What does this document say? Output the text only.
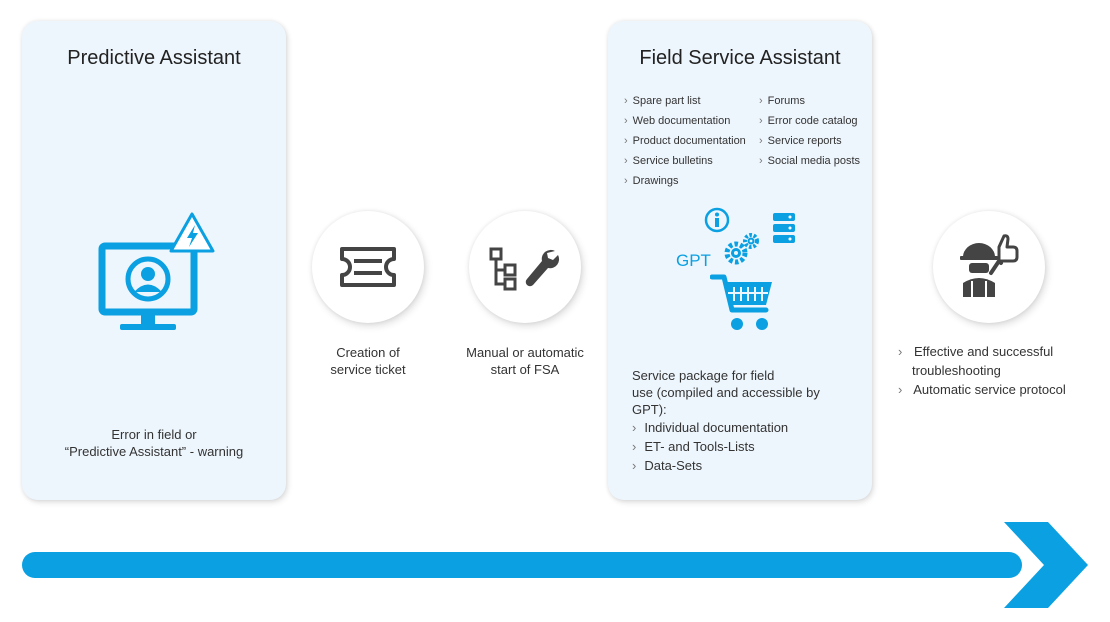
Predictive Assistant
Error in field or
“Predictive Assistant” - warning
Creation of
service ticket
Manual or automatic
start of FSA
Field Service Assistant
› Spare part list
› Web documentation
› Product documentation
› Service bulletins
› Drawings
› Forums
› Error code catalog
› Service reports
› Social media posts
GPT
Service package for field
use (compiled and accessible by
GPT):
› Individual documentation
› ET- and Tools-Lists
› Data-Sets
› Effective and successful
troubleshooting
› Automatic service protocol
